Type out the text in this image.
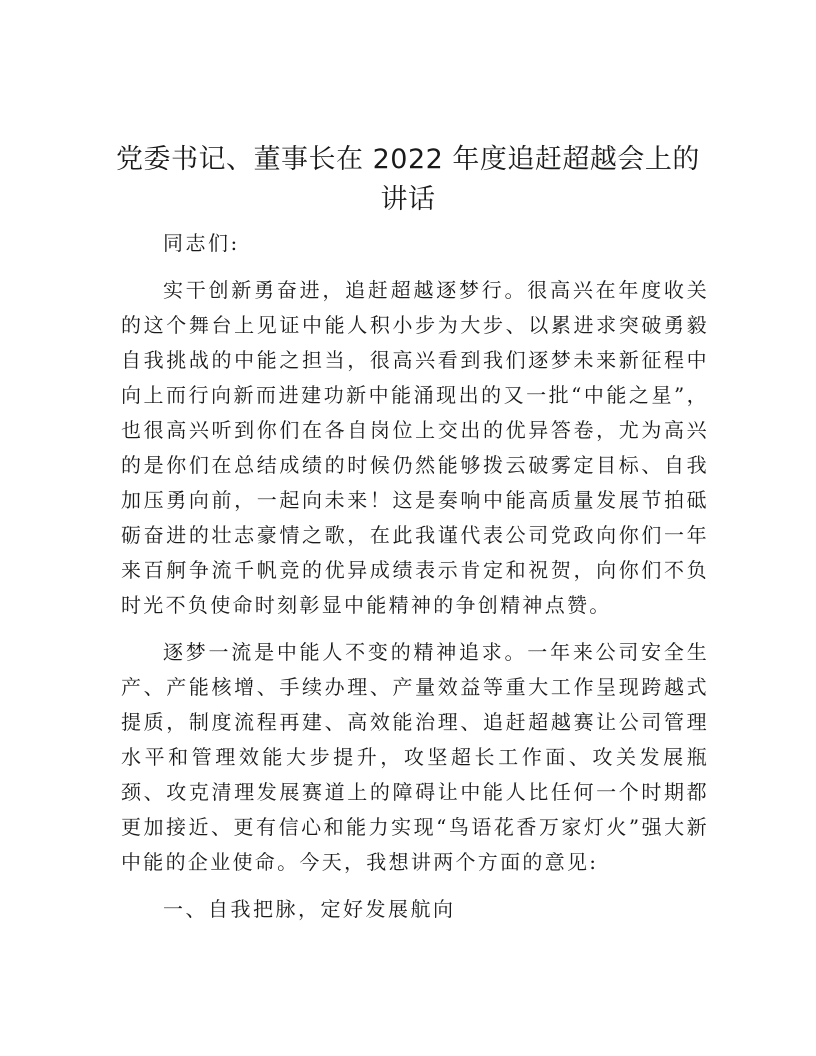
党委书记、董事长在 2022 年度追赶超越会上的讲话

同志们:

实干创新勇奋进，追赶超越逐梦行。很高兴在年度收关的这个舞台上见证中能人积小步为大步、以累进求突破勇毅自我挑战的中能之担当，很高兴看到我们逐梦未来新征程中向上而行向新而进建功新中能涌现出的又一批“中能之星”，也很高兴听到你们在各自岗位上交出的优异答卷，尤为高兴的是你们在总结成绩的时候仍然能够拨云破雾定目标、自我加压勇向前，一起向未来！这是奏响中能高质量发展节拍砥砺奋进的壮志豪情之歌，在此我谨代表公司党政向你们一年来百舸争流千帆竞的优异成绩表示肯定和祝贺，向你们不负时光不负使命时刻彰显中能精神的争创精神点赞。

逐梦一流是中能人不变的精神追求。一年来公司安全生产、产能核增、手续办理、产量效益等重大工作呈现跨越式提质，制度流程再建、高效能治理、追赶超越赛让公司管理水平和管理效能大步提升，攻坚超长工作面、攻关发展瓶颈、攻克清理发展赛道上的障碍让中能人比任何一个时期都更加接近、更有信心和能力实现“鸟语花香万家灯火”强大新中能的企业使命。今天，我想讲两个方面的意见:

一、自我把脉，定好发展航向
